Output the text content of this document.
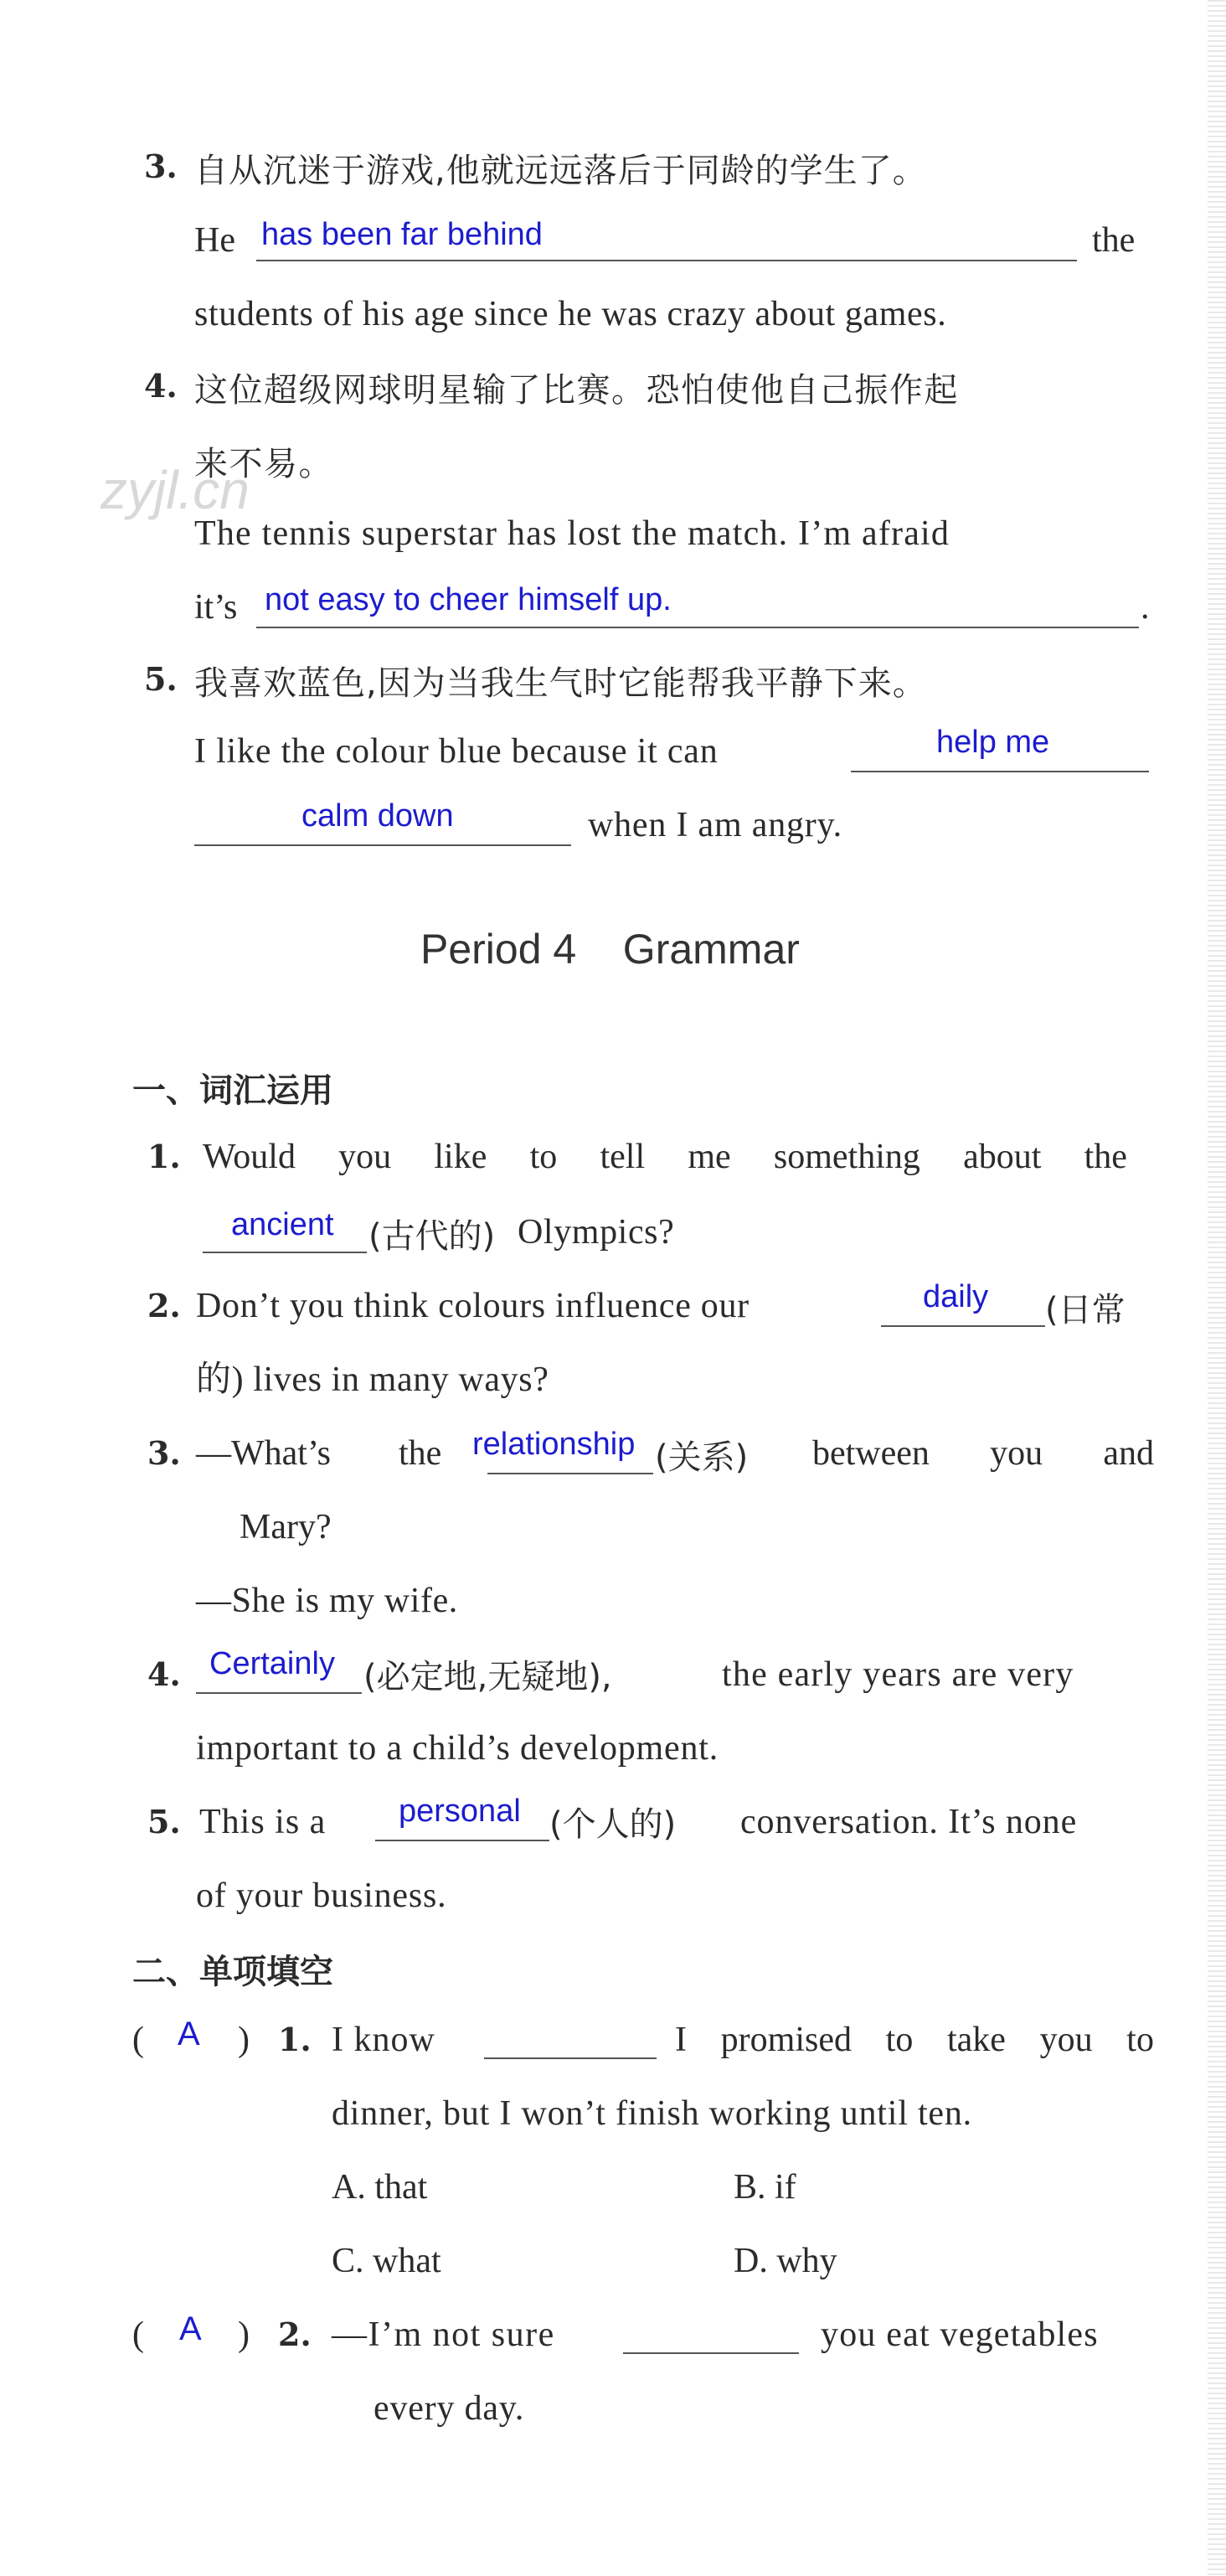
3. 自从沉迷于游戏,他就远远落后于同龄的学生了。
He has been far behind	the
students of his age since he was crazy about games.
4. 这位超级网球明星输了比赛。恐怕使他自己振作起
来不易。
zyjl.cn
The tennis superstar has lost the match. I’m afraid
it’s not easy to cheer himself up.	.
5. 我喜欢蓝色,因为当我生气时它能帮我平静下来。
I like the colour blue because it can	help me
calm down	when I am angry.
Period 4    Grammar
一、词汇运用
1. Would you like to tell me something about the
ancient (古代的) Olympics?
2. Don’t you think colours influence our	daily (日常
的) lives in many ways?
3. —What’s the relationship (关系) between you and
Mary?
—She is my wife.
4. Certainly (必定地,无疑地),	the early years are very
important to a child’s development.
5. This is a personal (个人的) conversation. It’s none
of your business.
二、单项填空
( A ) 1. I know	I promised to take you to
dinner, but I won’t finish working until ten.
A. that	B. if
C. what	D. why
( A ) 2. —I’m not sure	you eat vegetables
every day.
